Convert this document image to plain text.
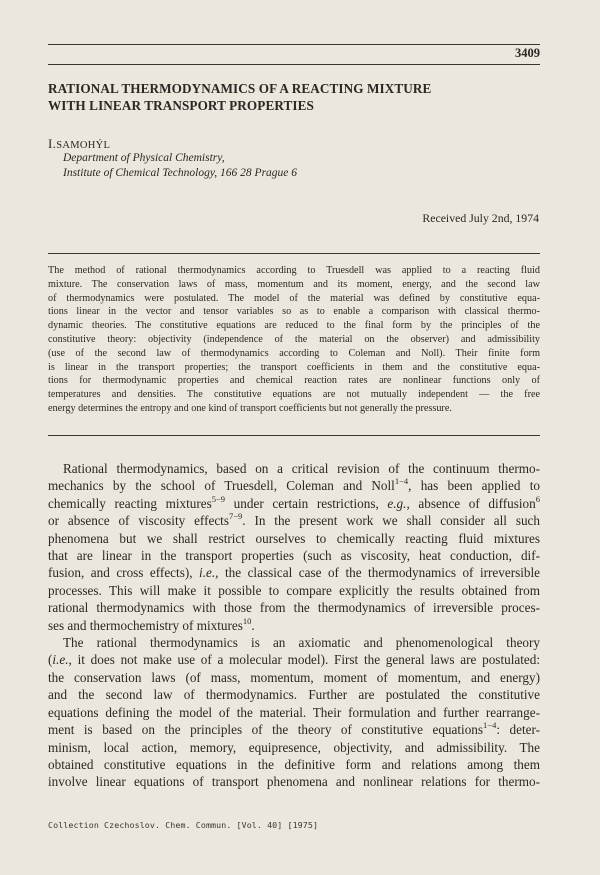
3409
RATIONAL THERMODYNAMICS OF A REACTING MIXTURE
WITH LINEAR TRANSPORT PROPERTIES
I.SAMOHÝL
Department of Physical Chemistry,
Institute of Chemical Technology, 166 28 Prague 6
Received July 2nd, 1974
The method of rational thermodynamics according to Truesdell was applied to a reacting fluid
mixture. The conservation laws of mass, momentum and its moment, energy, and the second law
of thermodynamics were postulated. The model of the material was defined by constitutive equa-
tions linear in the vector and tensor variables so as to enable a comparison with classical thermo-
dynamic theories. The constitutive equations are reduced to the final form by the principles of the
constitutive theory: objectivity (independence of the material on the observer) and admissibility
(use of the second law of thermodynamics according to Coleman and Noll). Their finite form
is linear in the transport properties; the transport coefficients in them and the constitutive equa-
tions for thermodynamic properties and chemical reaction rates are nonlinear functions only of
temperatures and densities. The constitutive equations are not mutually independent — the free
energy determines the entropy and one kind of transport coefficients but not generally the pressure.
Rational thermodynamics, based on a critical revision of the continuum thermo-
mechanics by the school of Truesdell, Coleman and Noll$^{1-4}$, has been applied to
chemically reacting mixtures$^{5-9}$ under certain restrictions, e.g., absence of diffusion$^6$
or absence of viscosity effects$^{7-9}$. In the present work we shall consider all such
phenomena but we shall restrict ourselves to chemically reacting fluid mixtures
that are linear in the transport properties (such as viscosity, heat conduction, dif-
fusion, and cross effects), i.e., the classical case of the thermodynamics of irreversible
processes. This will make it possible to compare explicitly the results obtained from
rational thermodynamics with those from the thermodynamics of irreversible proces-
ses and thermochemistry of mixtures$^{10}$.
The rational thermodynamics is an axiomatic and phenomenological theory
(i.e., it does not make use of a molecular model). First the general laws are postulated:
the conservation laws (of mass, momentum, moment of momentum, and energy)
and the second law of thermodynamics. Further are postulated the constitutive
equations defining the model of the material. Their formulation and further rearrange-
ment is based on the principles of the theory of constitutive equations$^{1-4}$: deter-
minism, local action, memory, equipresence, objectivity, and admissibility. The
obtained constitutive equations in the definitive form and relations among them
involve linear equations of transport phenomena and nonlinear relations for thermo-
Collection Czechoslov. Chem. Commun. [Vol. 40] [1975]
